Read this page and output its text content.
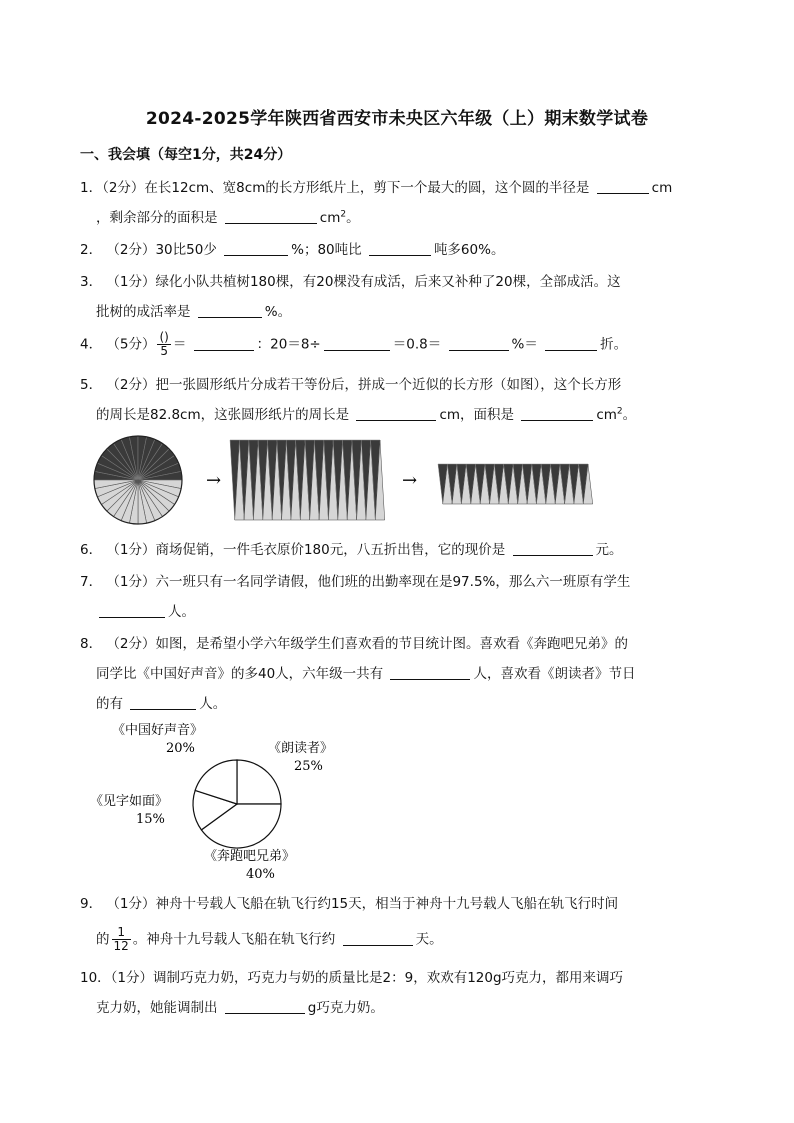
2024-2025学年陕西省西安市未央区六年级（上）期末数学试卷
一、我会填（每空1分，共24分）
1．（2分）在长12cm、宽8cm的长方形纸片上，剪下一个最大的圆，这个圆的半径是	cm
，剩余部分的面积是	$cm^2$。
2． （2分）30比50少	%；80吨比	吨多60%。
3． （1分）绿化小队共植树180棵，有20棵没有成活，后来又补种了20棵，全部成活。这
批树的成活率是	%。
4． （5分） $\frac{()}{5}$ ＝	：20＝8÷	＝0.8＝	%＝	折。
5． （2分）把一张圆形纸片分成若干等份后，拼成一个近似的长方形（如图），这个长方形
的周长是82.8cm，这张圆形纸片的周长是	cm，面积是	$cm^2$。
→	→
6． （1分）商场促销，一件毛衣原价180元，八五折出售，它的现价是	元。
7． （1分）六一班只有一名同学请假，他们班的出勤率现在是97.5%，那么六一班原有学生
人。
8． （2分）如图，是希望小学六年级学生们喜欢看的节目统计图。喜欢看《奔跑吧兄弟》的
同学比《中国好声音》的多40人，六年级一共有	人，喜欢看《朗读者》节日
的有	人。
《中国好声音》
20%	《朗读者》
25%
《见字如面》
15%
《奔跑吧兄弟》
40%
9． （1分）神舟十号载人飞船在轨飞行约15天，相当于神舟十九号载人飞船在轨飞行时间
的 $\frac{1}{12}$ 。神舟十九号载人飞船在轨飞行约	天。
10．（1分）调制巧克力奶，巧克力与奶的质量比是2：9，欢欢有120g巧克力，都用来调巧
克力奶，她能调制出	g巧克力奶。
